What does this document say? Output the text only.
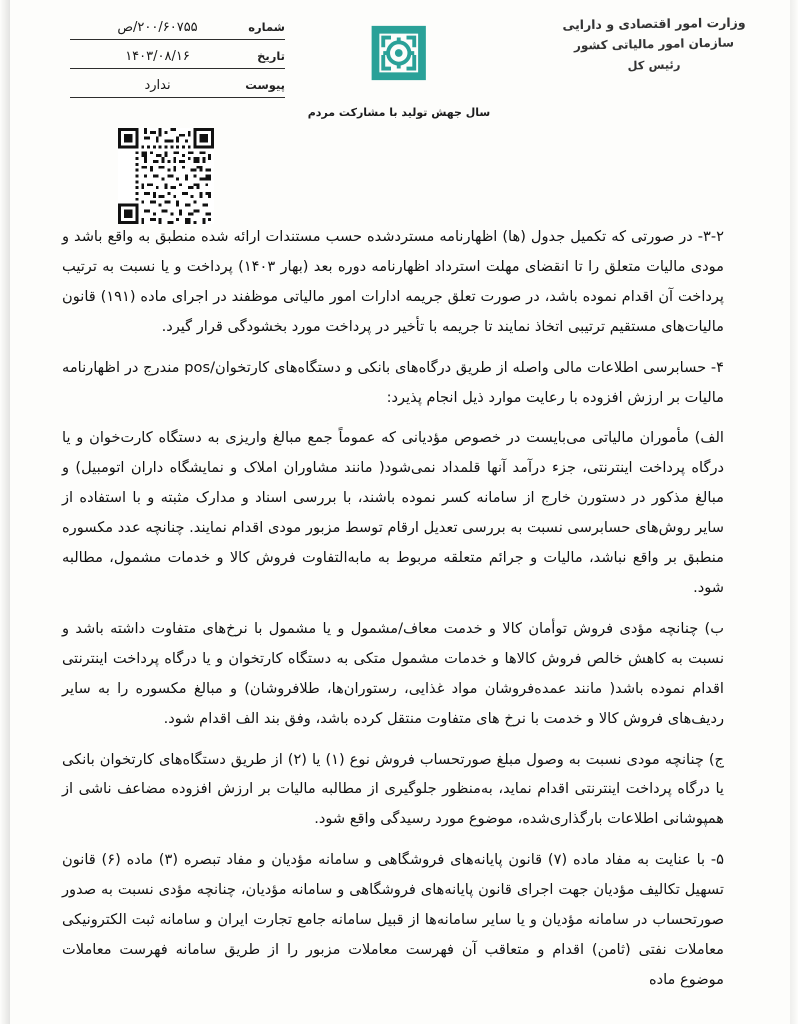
وزارت امور اقتصادی و دارایی
سازمان امور مالیاتی کشور
رئیس کل
شماره
۲۰۰/۶۰۷۵۵/ص
تاریخ
۱۴۰۳/۰۸/۱۶
پیوست
ندارد
سال جهش تولید با مشارکت مردم

۳-۲- در صورتی که تکمیل جدول (ها) اظهارنامه مستردشده حسب مستندات ارائه شده منطبق به واقع باشد و مودی مالیات متعلق را تا انقضای مهلت استرداد اظهارنامه دوره بعد (بهار ۱۴۰۳) پرداخت و یا نسبت به ترتیب پرداخت آن اقدام نموده باشد، در صورت تعلق جریمه ادارات امور مالیاتی موظفند در اجرای ماده (۱۹۱) قانون مالیات‌های مستقیم ترتیبی اتخاذ نمایند تا جریمه با تأخیر در پرداخت مورد بخشودگی قرار گیرد.

۴- حسابرسی اطلاعات مالی واصله از طریق درگاه‌های بانکی و دستگاه‌های کارتخوان/pos مندرج در اظهارنامه مالیات بر ارزش افزوده با رعایت موارد ذیل انجام پذیرد:

الف) مأموران مالیاتی می‌بایست در خصوص مؤدیانی که عموماً جمع مبالغ واریزی به دستگاه کارت‌خوان و یا درگاه پرداخت اینترنتی، جزء درآمد آنها قلمداد نمی‌شود( مانند مشاوران املاک و نمایشگاه داران اتومبیل) و مبالغ مذکور در دستورن خارج از سامانه کسر نموده باشند، با بررسی اسناد و مدارک مثبته و با استفاده از سایر روش‌های حسابرسی نسبت به بررسی تعدیل ارقام توسط مزبور مودی اقدام نمایند. چنانچه عدد مکسوره منطبق بر واقع نباشد، مالیات و جرائم متعلقه مربوط به مابه‌التفاوت فروش کالا و خدمات مشمول، مطالبه شود.

ب) چنانچه مؤدی فروش توأمان کالا و خدمت معاف/مشمول و یا مشمول با نرخ‌های متفاوت داشته باشد و نسبت به کاهش خالص فروش کالاها و خدمات مشمول متکی به دستگاه کارتخوان و یا درگاه پرداخت اینترنتی اقدام نموده باشد( مانند عمده‌فروشان مواد غذایی، رستوران‌ها، طلافروشان) و مبالغ مکسوره را به سایر ردیف‌های فروش کالا و خدمت با نرخ های متفاوت منتقل کرده باشد، وفق بند الف اقدام شود.

ج) چنانچه مودی نسبت به وصول مبلغ صورتحساب فروش نوع (۱) یا (۲) از طریق دستگاه‌های کارتخوان بانکی یا درگاه پرداخت اینترنتی اقدام نماید، به‌منظور جلوگیری از مطالبه مالیات بر ارزش افزوده مضاعف ناشی از همپوشانی اطلاعات بارگذاری‌شده، موضوع مورد رسیدگی واقع شود.

۵- با عنایت به مفاد ماده (۷) قانون پایانه‌های فروشگاهی و سامانه مؤدیان و مفاد تبصره (۳) ماده (۶) قانون تسهیل تکالیف مؤدیان جهت اجرای قانون پایانه‌های فروشگاهی و سامانه مؤدیان، چنانچه مؤدی نسبت به صدور صورتحساب در سامانه مؤدیان و یا سایر سامانه‌ها از قبیل سامانه جامع تجارت ایران و سامانه ثبت الکترونیکی معاملات نفتی (ثامن) اقدام و متعاقب آن فهرست معاملات مزبور را از طریق سامانه فهرست معاملات موضوع ماده
